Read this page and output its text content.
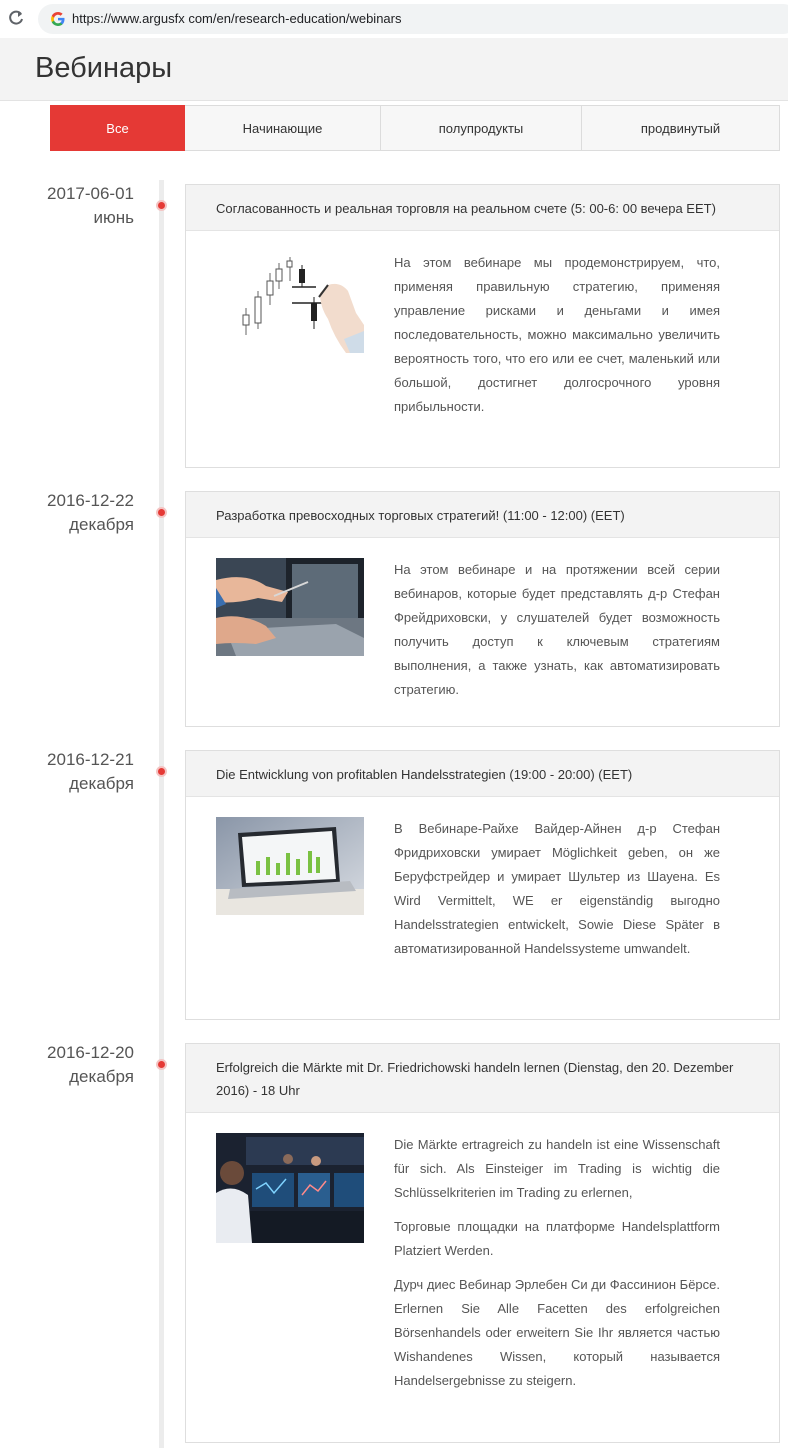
https://www.argusfx com/en/research-education/webinars
Вебинары
Все	Начинающие	полупродукты	продвинутый
2017-06-01
июнь	Согласованность и реальная торговля на реальном счете (5: 00-6: 00 вечера EET)

На этом вебинаре мы продемонстрируем, что, применяя правильную стратегию, применяя управление рисками и деньгами и имея последовательность, можно максимально увеличить вероятность того, что его или ее счет, маленький или большой, достигнет долгосрочного уровня прибыльности.

2016-12-22
декабря	Разработка превосходных торговых стратегий! (11:00 - 12:00) (EET)

На этом вебинаре и на протяжении всей серии вебинаров, которые будет представлять д-р Стефан Фрейдриховски, у слушателей будет возможность получить доступ к ключевым стратегиям выполнения, а также узнать, как автоматизировать стратегию.

2016-12-21
декабря	Die Entwicklung von profitablen Handelsstrategien (19:00 - 20:00) (EET)

В Вебинаре-Райхе Вайдер-Айнен д-р Стефан Фридриховски умирает Möglichkeit geben, он же Беруфстрейдер и умирает Шультер из Шауена. Es Wird Vermittelt, WE er eigenständig выгодно Handelsstrategien entwickelt, Sowie Diese Später в автоматизированной Handelssysteme umwandelt.

2016-12-20
декабря	Erfolgreich die Märkte mit Dr. Friedrichowski handeln lernen (Dienstag, den 20. Dezember 2016) - 18 Uhr

Die Märkte ertragreich zu handeln ist eine Wissenschaft für sich. Als Einsteiger im Trading is wichtig die Schlüsselkriterien im Trading zu erlernen,

Торговые площадки на платформе Handelsplattform Platziert Werden.

Дурч диес Вебинар Эрлебен Си ди Фассинион Бёрсе. Erlernen Sie Alle Facetten des erfolgreichen Börsenhandels oder erweitern Sie Ihr является частью Wishandenes Wissen, который называется Handelsergebnisse zu steigern.
